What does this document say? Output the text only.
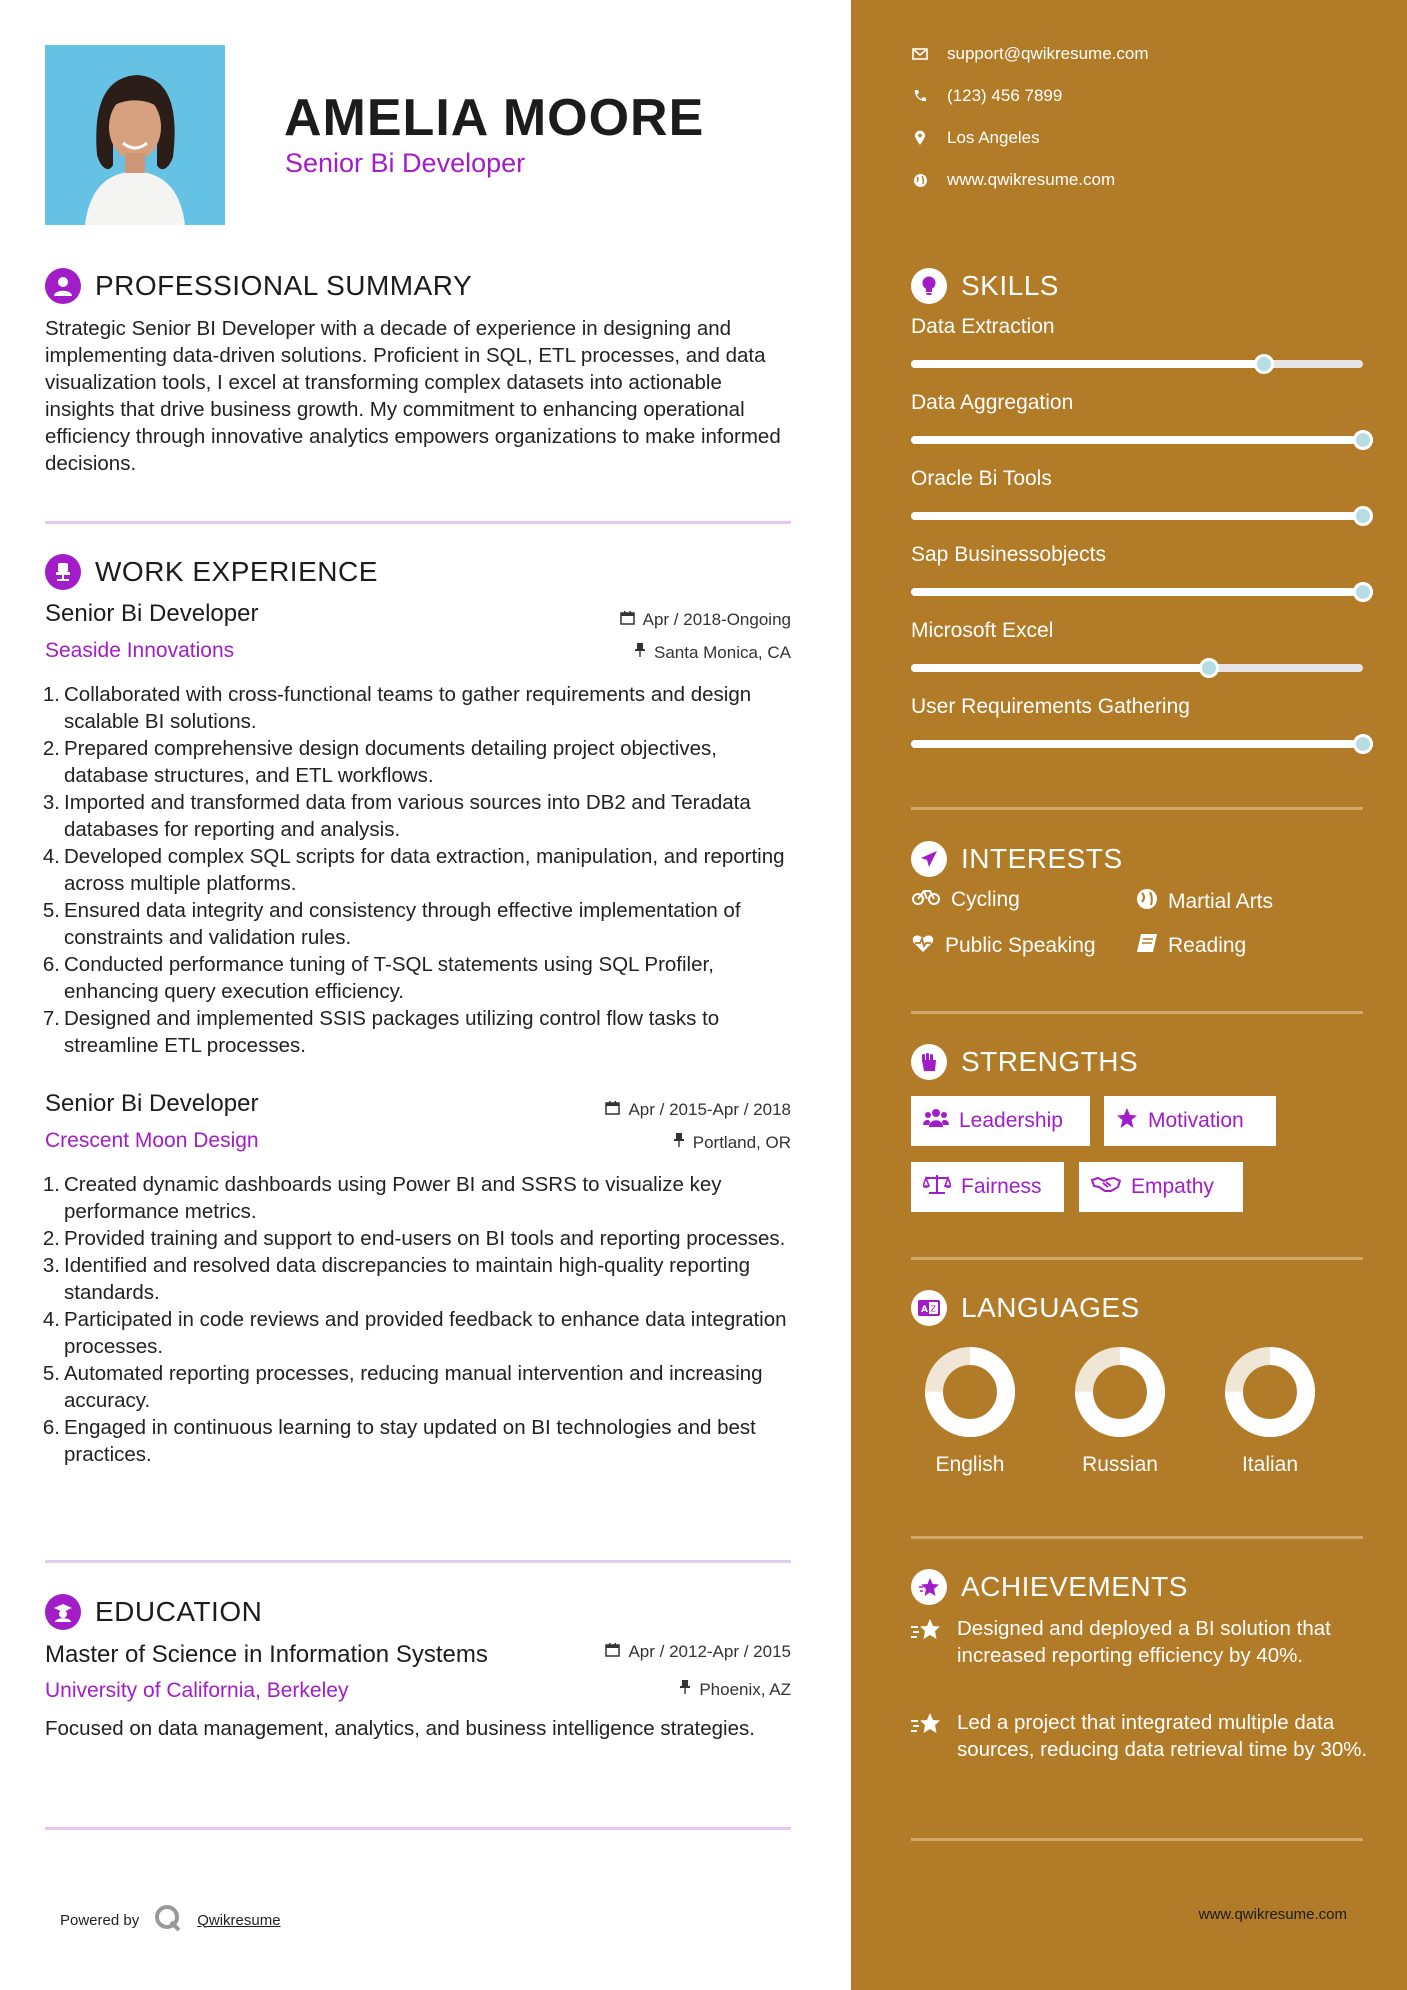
AMELIA MOORE
Senior Bi Developer
PROFESSIONAL SUMMARY
Strategic Senior BI Developer with a decade of experience in designing and implementing data-driven solutions. Proficient in SQL, ETL processes, and data visualization tools, I excel at transforming complex datasets into actionable insights that drive business growth. My commitment to enhancing operational efficiency through innovative analytics empowers organizations to make informed decisions.
WORK EXPERIENCE
Senior Bi Developer	Apr / 2018-Ongoing
Seaside Innovations	Santa Monica, CA
1. Collaborated with cross-functional teams to gather requirements and design scalable BI solutions.
2. Prepared comprehensive design documents detailing project objectives, database structures, and ETL workflows.
3. Imported and transformed data from various sources into DB2 and Teradata databases for reporting and analysis.
4. Developed complex SQL scripts for data extraction, manipulation, and reporting across multiple platforms.
5. Ensured data integrity and consistency through effective implementation of constraints and validation rules.
6. Conducted performance tuning of T-SQL statements using SQL Profiler, enhancing query execution efficiency.
7. Designed and implemented SSIS packages utilizing control flow tasks to streamline ETL processes.
Senior Bi Developer	Apr / 2015-Apr / 2018
Crescent Moon Design	Portland, OR
1. Created dynamic dashboards using Power BI and SSRS to visualize key performance metrics.
2. Provided training and support to end-users on BI tools and reporting processes.
3. Identified and resolved data discrepancies to maintain high-quality reporting standards.
4. Participated in code reviews and provided feedback to enhance data integration processes.
5. Automated reporting processes, reducing manual intervention and increasing accuracy.
6. Engaged in continuous learning to stay updated on BI technologies and best practices.
EDUCATION
Master of Science in Information Systems	Apr / 2012-Apr / 2015
University of California, Berkeley	Phoenix, AZ
Focused on data management, analytics, and business intelligence strategies.
Powered by	Qwikresume
support@qwikresume.com
(123) 456 7899
Los Angeles
www.qwikresume.com
SKILLS
Data Extraction
Data Aggregation
Oracle Bi Tools
Sap Businessobjects
Microsoft Excel
User Requirements Gathering
INTERESTS
Cycling	Martial Arts
Public Speaking	Reading
STRENGTHS
Leadership	Motivation
Fairness	Empathy
A Z LANGUAGES
English	Russian	Italian
ACHIEVEMENTS
Designed and deployed a BI solution that increased reporting efficiency by 40%.
Led a project that integrated multiple data sources, reducing data retrieval time by 30%.
www.qwikresume.com
